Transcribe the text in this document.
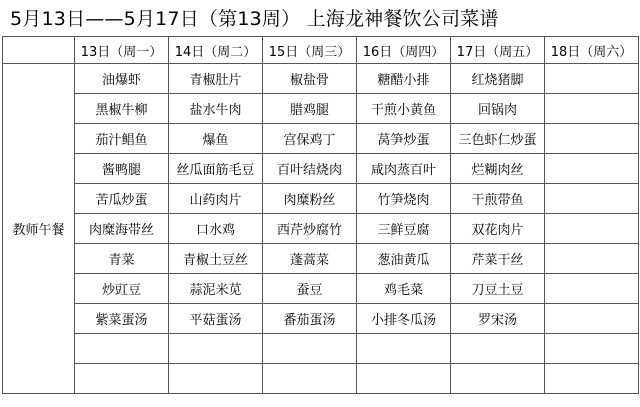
5月13日——5月17日（第13周） 上海龙神餐饮公司菜谱
	13日（周一）	14日（周二）	15日（周三）	16日（周四）	17日（周五）	18日（周六）
教师午餐	油爆虾	青椒肚片	椒盐骨	糖醋小排	红烧猪脚	
	黑椒牛柳	盐水牛肉	腊鸡腿	干煎小黄鱼	回锅肉	
	茄汁鲳鱼	爆鱼	宫保鸡丁	莴笋炒蛋	三色虾仁炒蛋	
	酱鸭腿	丝瓜面筋毛豆	百叶结烧肉	咸肉蒸百叶	烂糊肉丝	
	苦瓜炒蛋	山药肉片	肉糜粉丝	竹笋烧肉	干煎带鱼	
	肉糜海带丝	口水鸡	西芹炒腐竹	三鲜豆腐	双花肉片	
	青菜	青椒土豆丝	蓬蒿菜	葱油黄瓜	芹菜干丝	
	炒豇豆	蒜泥米苋	蚕豆	鸡毛菜	刀豆土豆	
	紫菜蛋汤	平菇蛋汤	番茄蛋汤	小排冬瓜汤	罗宋汤	
